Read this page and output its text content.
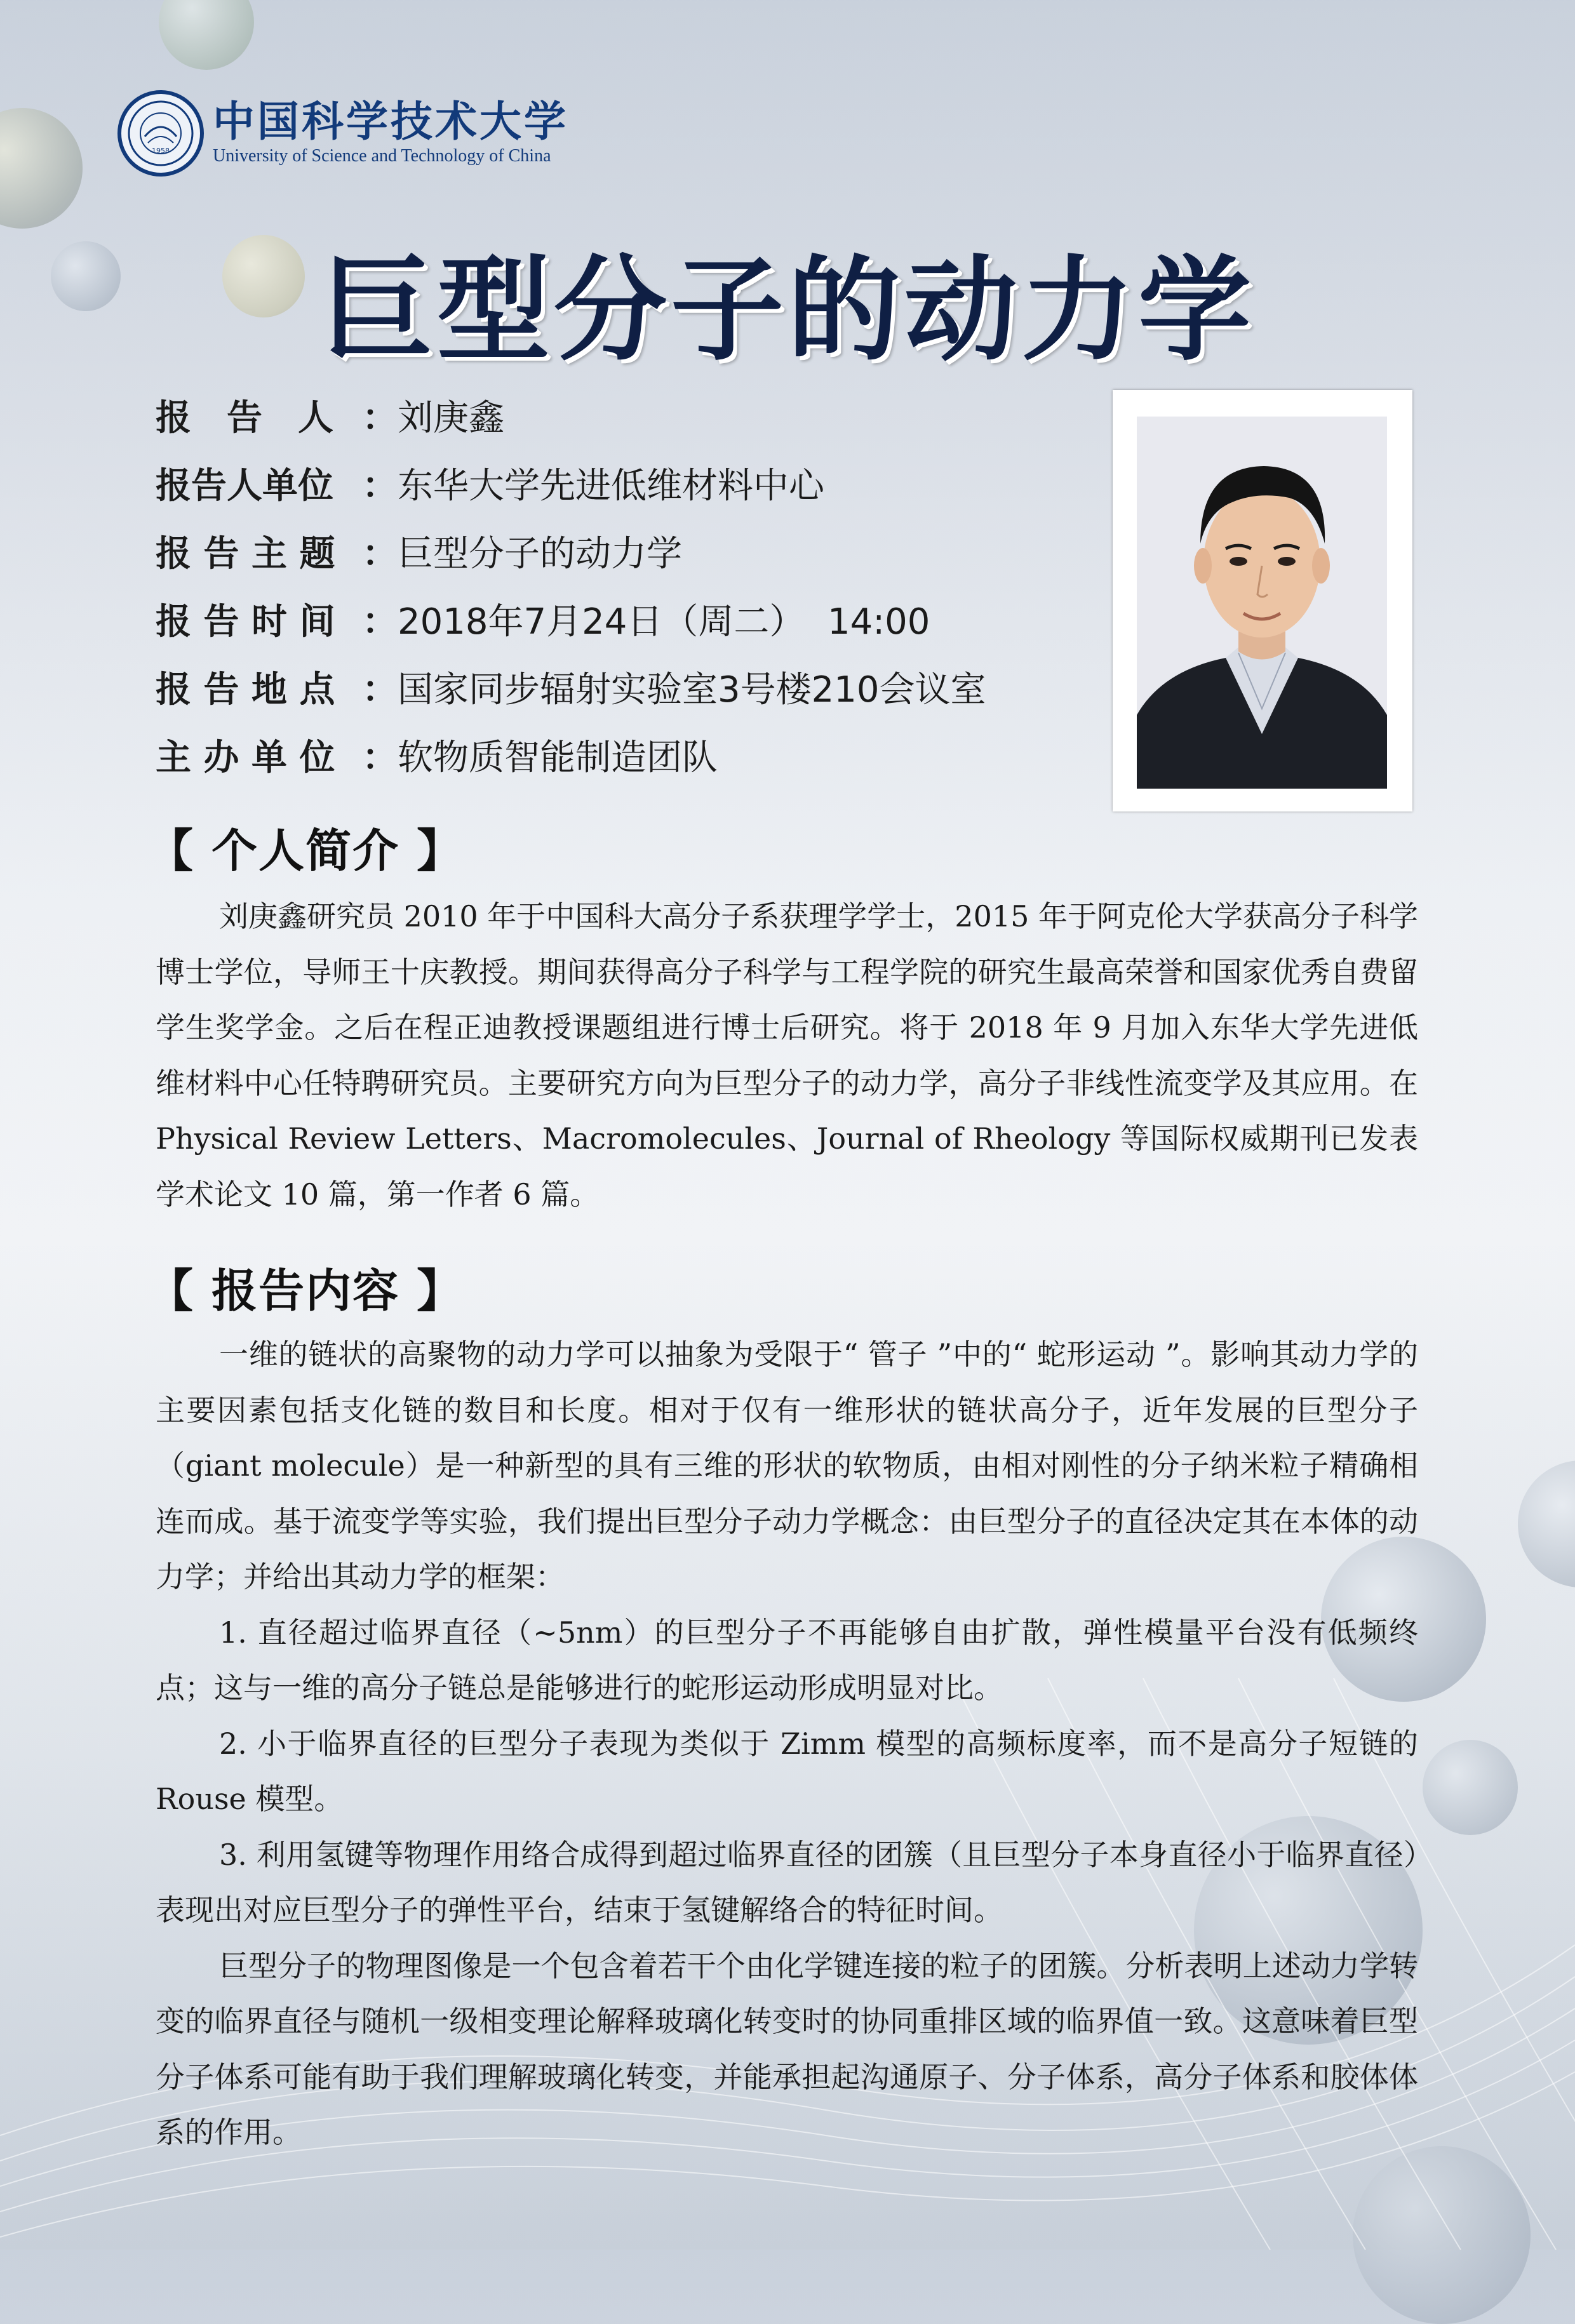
1958
中国科学技术大学
University of Science and Technology of China
巨型分子的动力学
报　告　人 ： 刘庚鑫
报告人单位 ： 东华大学先进低维材料中心
报 告 主 题 ： 巨型分子的动力学
报 告 时 间 ： 2018年7月24日（周二）  14:00
报 告 地 点 ： 国家同步辐射实验室3号楼210会议室
主 办 单 位 ： 软物质智能制造团队
【 个人简介 】

刘庚鑫研究员 2010 年于中国科大高分子系获理学学士，2015 年于阿克伦大学获高分子科学博士学位，导师王十庆教授。期间获得高分子科学与工程学院的研究生最高荣誉和国家优秀自费留学生奖学金。之后在程正迪教授课题组进行博士后研究。将于 2018 年 9 月加入东华大学先进低维材料中心任特聘研究员。主要研究方向为巨型分子的动力学，高分子非线性流变学及其应用。在 Physical Review Letters、Macromolecules、Journal of Rheology 等国际权威期刊已发表学术论文 10 篇，第一作者 6 篇。

【 报告内容 】

一维的链状的高聚物的动力学可以抽象为受限于“ 管子 ”中的“ 蛇形运动 ”。影响其动力学的主要因素包括支化链的数目和长度。相对于仅有一维形状的链状高分子，近年发展的巨型分子（giant molecule）是一种新型的具有三维的形状的软物质，由相对刚性的分子纳米粒子精确相连而成。基于流变学等实验，我们提出巨型分子动力学概念：由巨型分子的直径决定其在本体的动力学；并给出其动力学的框架：

1. 直径超过临界直径（~5nm）的巨型分子不再能够自由扩散，弹性模量平台没有低频终点；这与一维的高分子链总是能够进行的蛇形运动形成明显对比。

2. 小于临界直径的巨型分子表现为类似于 Zimm 模型的高频标度率，而不是高分子短链的 Rouse 模型。

3. 利用氢键等物理作用络合成得到超过临界直径的团簇（且巨型分子本身直径小于临界直径）表现出对应巨型分子的弹性平台，结束于氢键解络合的特征时间。

巨型分子的物理图像是一个包含着若干个由化学键连接的粒子的团簇。分析表明上述动力学转变的临界直径与随机一级相变理论解释玻璃化转变时的协同重排区域的临界值一致。这意味着巨型分子体系可能有助于我们理解玻璃化转变，并能承担起沟通原子、分子体系，高分子体系和胶体体系的作用。
